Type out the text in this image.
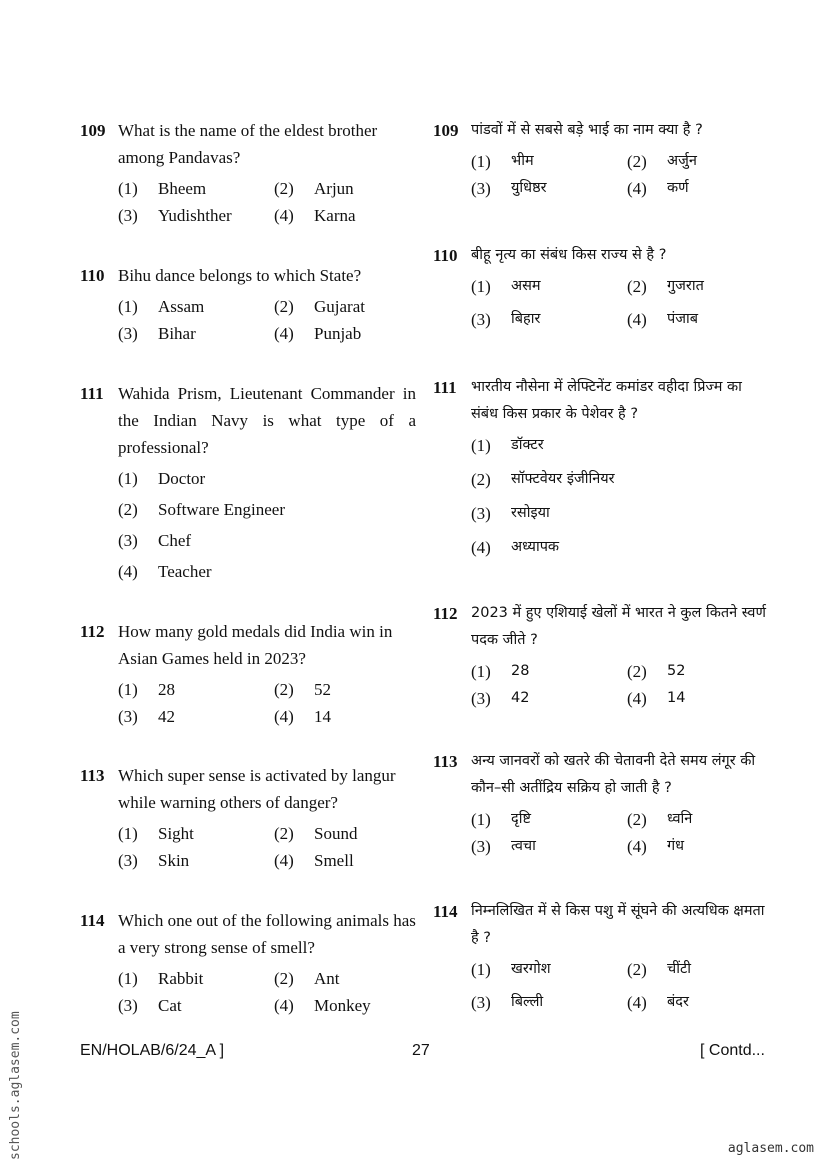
109 What is the name of the eldest brother among Pandavas?
(1)	Bheem	(2)	Arjun
(3)	Yudishther (4)	Karna
110 Bihu dance belongs to which State?
(1)	Assam	(2)	Gujarat
(3)	Bihar	(4)	Punjab
111 Wahida Prism, Lieutenant Commander in the Indian Navy is what type of a professional?
(1)	Doctor
(2)	Software Engineer
(3)	Chef
(4)	Teacher
112 How many gold medals did India win in Asian Games held in 2023?
(1)	28	(2)	52
(3)	42	(4)	14
113 Which super sense is activated by langur while warning others of danger?
(1)	Sight	(2)	Sound
(3)	Skin	(4)	Smell
114 Which one out of the following animals has a very strong sense of smell?
(1)	Rabbit	(2)	Ant
(3)	Cat	(4)	Monkey
109 पांडवों में से सबसे बड़े भाई का नाम क्या है ?
(1)	भीम	(2)	अर्जुन
(3)	युधिष्ठर	(4)	कर्ण
110 बीहू नृत्य का संबंध किस राज्य से है ?
(1)	असम	(2)	गुजरात
(3)	बिहार	(4)	पंजाब
111 भारतीय नौसेना में लेफ्टिनेंट कमांडर वहीदा प्रिज्म का संबंध किस प्रकार के पेशेवर है ?
(1)	डॉक्टर
(2)	सॉफ्टवेयर इंजीनियर
(3)	रसोइया
(4)	अध्यापक
112 2023 में हुए एशियाई खेलों में भारत ने कुल कितने स्वर्ण पदक जीते ?
(1)	28	(2)	52
(3)	42	(4)	14
113 अन्य जानवरों को खतरे की चेतावनी देते समय लंगूर की कौन–सी अतींद्रिय सक्रिय हो जाती है ?
(1)	दृष्टि	(2)	ध्वनि
(3)	त्वचा	(4)	गंध
114 निम्नलिखित में से किस पशु में सूंघने की अत्यधिक क्षमता है ?
(1)	खरगोश	(2)	चींटी
(3)	बिल्ली	(4)	बंदर
EN/HOLAB/6/24_A ]	27	[ Contd...
schools.aglasem.com	aglasem.com
